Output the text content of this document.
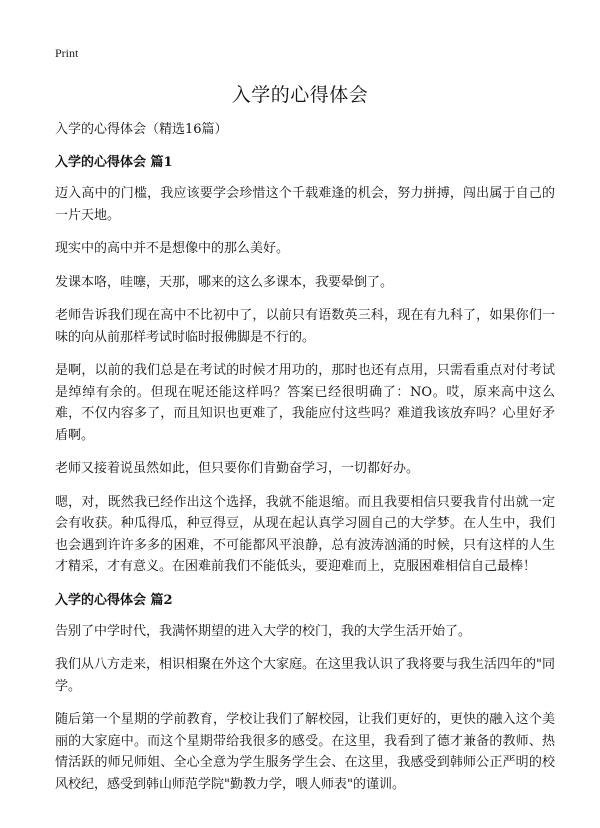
Print
入学的心得体会

入学的心得体会（精选16篇）

入学的心得体会 篇1

迈入高中的门槛，我应该要学会珍惜这个千载难逢的机会，努力拼搏，闯出属于自己的一片天地。

现实中的高中并不是想像中的那么美好。

发课本咯，哇噻，天那，哪来的这么多课本，我要晕倒了。

老师告诉我们现在高中不比初中了，以前只有语数英三科，现在有九科了，如果你们一味的向从前那样考试时临时报佛脚是不行的。

是啊，以前的我们总是在考试的时候才用功的，那时也还有点用，只需看重点对付考试是绰绰有余的。但现在呢还能这样吗？答案已经很明确了：NO。哎，原来高中这么难，不仅内容多了，而且知识也更难了，我能应付这些吗？难道我该放弃吗？心里好矛盾啊。

老师又接着说虽然如此，但只要你们肯勤奋学习，一切都好办。

嗯，对，既然我已经作出这个选择，我就不能退缩。而且我要相信只要我肯付出就一定会有收获。种瓜得瓜，种豆得豆，从现在起认真学习圆自己的大学梦。在人生中，我们也会遇到许许多多的困难，不可能都风平浪静，总有波涛汹涌的时候，只有这样的人生才精采，才有意义。在困难前我们不能低头，要迎难而上，克服困难相信自己最棒！

入学的心得体会 篇2

告别了中学时代，我满怀期望的进入大学的校门，我的大学生活开始了。

我们从八方走来，相识相聚在外这个大家庭。在这里我认识了我将要与我生活四年的"同学。

随后第一个星期的学前教育，学校让我们了解校园，让我们更好的，更快的融入这个美丽的大家庭中。而这个星期带给我很多的感受。在这里，我看到了德才兼备的教师、热情活跃的师兄师姐、全心全意为学生服务学生会、在这里，我感受到韩师公正严明的校风校纪，感受到韩山师范学院"勤教力学，喂人师表"的谨训。
